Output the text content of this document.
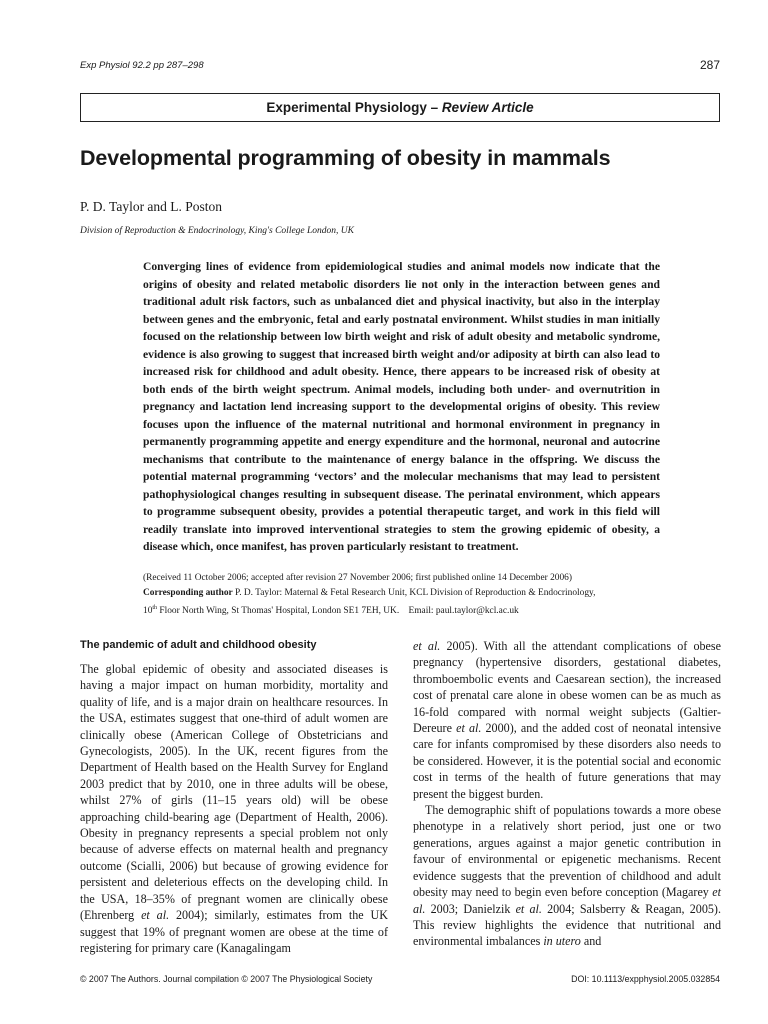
Exp Physiol 92.2 pp 287–298	287
Experimental Physiology – Review Article
Developmental programming of obesity in mammals
P. D. Taylor and L. Poston
Division of Reproduction & Endocrinology, King's College London, UK

Converging lines of evidence from epidemiological studies and animal models now indicate that the origins of obesity and related metabolic disorders lie not only in the interaction between genes and traditional adult risk factors, such as unbalanced diet and physical inactivity, but also in the interplay between genes and the embryonic, fetal and early postnatal environment. Whilst studies in man initially focused on the relationship between low birth weight and risk of adult obesity and metabolic syndrome, evidence is also growing to suggest that increased birth weight and/or adiposity at birth can also lead to increased risk for childhood and adult obesity. Hence, there appears to be increased risk of obesity at both ends of the birth weight spectrum. Animal models, including both under- and overnutrition in pregnancy and lactation lend increasing support to the developmental origins of obesity. This review focuses upon the influence of the maternal nutritional and hormonal environment in pregnancy in permanently programming appetite and energy expenditure and the hormonal, neuronal and autocrine mechanisms that contribute to the maintenance of energy balance in the offspring. We discuss the potential maternal programming ‘vectors’ and the molecular mechanisms that may lead to persistent pathophysiological changes resulting in subsequent disease. The perinatal environment, which appears to programme subsequent obesity, provides a potential therapeutic target, and work in this field will readily translate into improved interventional strategies to stem the growing epidemic of obesity, a disease which, once manifest, has proven particularly resistant to treatment.

(Received 11 October 2006; accepted after revision 27 November 2006; first published online 14 December 2006)

Corresponding author P. D. Taylor: Maternal & Fetal Research Unit, KCL Division of Reproduction & Endocrinology,

10th Floor North Wing, St Thomas' Hospital, London SE1 7EH, UK.    Email: paul.taylor@kcl.ac.uk

The pandemic of adult and childhood obesity

The global epidemic of obesity and associated diseases is having a major impact on human morbidity, mortality and quality of life, and is a major drain on healthcare resources. In the USA, estimates suggest that one-third of adult women are clinically obese (American College of Obstetricians and Gynecologists, 2005). In the UK, recent figures from the Department of Health based on the Health Survey for England 2003 predict that by 2010, one in three adults will be obese, whilst 27% of girls (11–15 years old) will be obese approaching child-bearing age (Department of Health, 2006). Obesity in pregnancy represents a special problem not only because of adverse effects on maternal health and pregnancy outcome (Scialli, 2006) but because of growing evidence for persistent and deleterious effects on the developing child. In the USA, 18–35% of pregnant women are clinically obese (Ehrenberg et al. 2004); similarly, estimates from the UK suggest that 19% of pregnant women are obese at the time of registering for primary care (Kanagalingam

et al. 2005). With all the attendant complications of obese pregnancy (hypertensive disorders, gestational diabetes, thromboembolic events and Caesarean section), the increased cost of prenatal care alone in obese women can be as much as 16-fold compared with normal weight subjects (Galtier-Dereure et al. 2000), and the added cost of neonatal intensive care for infants compromised by these disorders also needs to be considered. However, it is the potential social and economic cost in terms of the health of future generations that may present the biggest burden.

The demographic shift of populations towards a more obese phenotype in a relatively short period, just one or two generations, argues against a major genetic contribution in favour of environmental or epigenetic mechanisms. Recent evidence suggests that the prevention of childhood and adult obesity may need to begin even before conception (Magarey et al. 2003; Danielzik et al. 2004; Salsberry & Reagan, 2005). This review highlights the evidence that nutritional and environmental imbalances in utero and

© 2007 The Authors. Journal compilation © 2007 The Physiological Society	DOI: 10.1113/expphysiol.2005.032854
